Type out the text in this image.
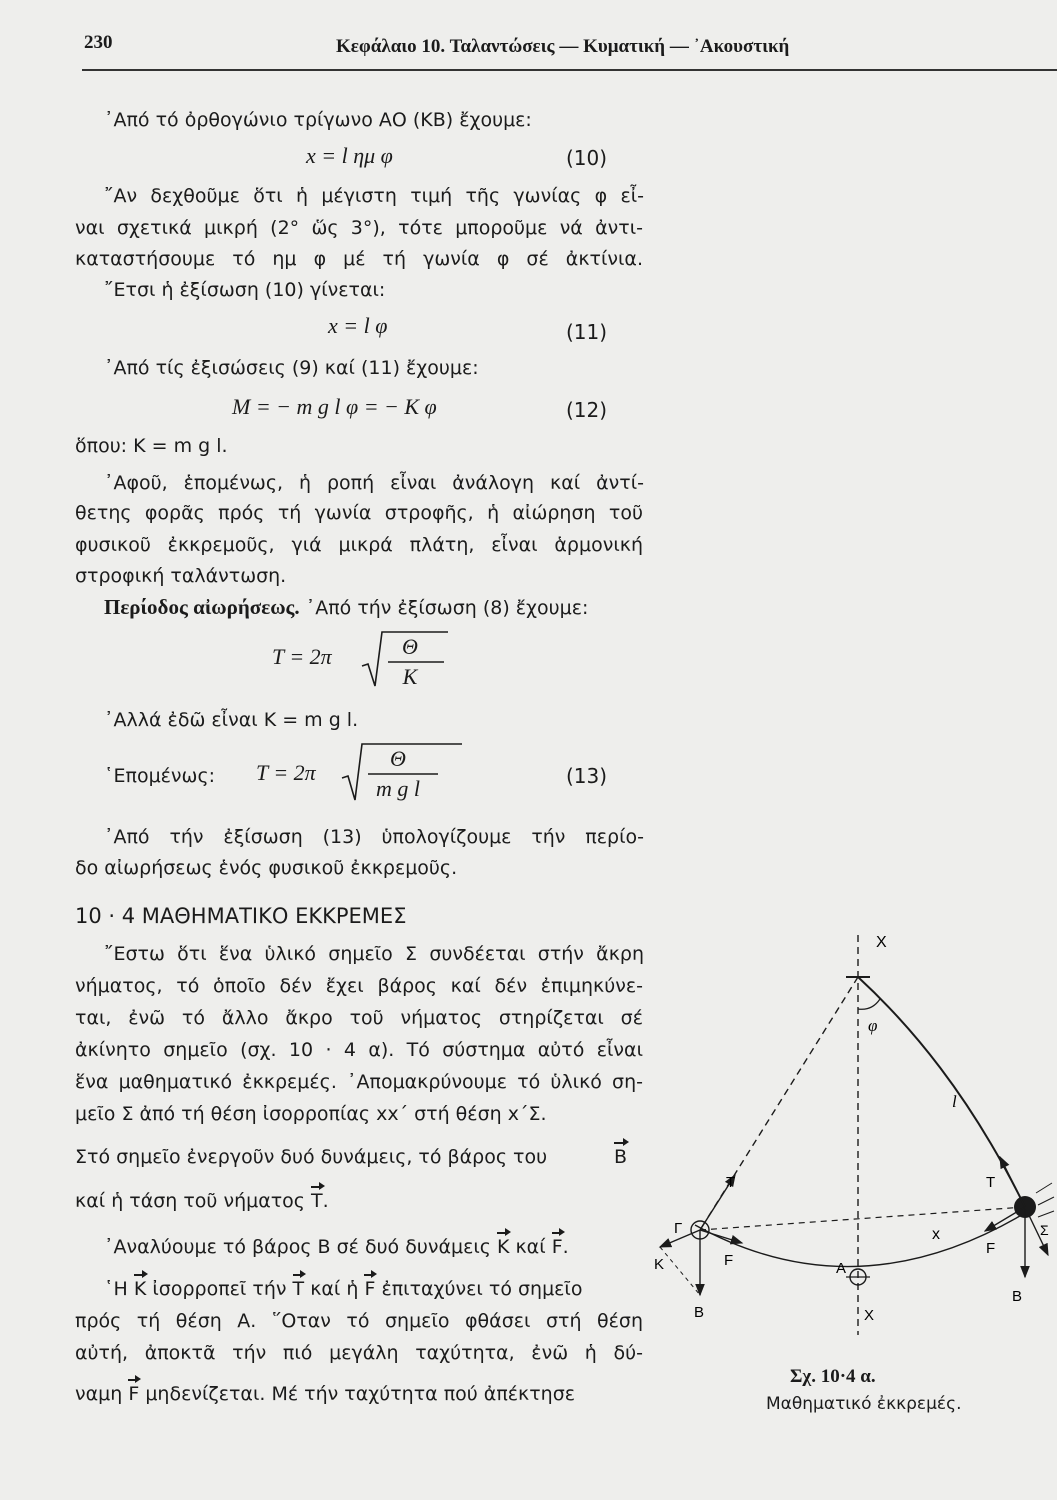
230	Κεφάλαιο 10. Ταλαντώσεις — Κυματική — ᾽Ακουστική
᾽Από τό ὀρθογώνιο τρίγωνο ΑΟ (ΚΒ) ἔχουμε:
x = l ημ φ	(10)
῎Αν δεχθοῦμε ὅτι ἡ μέγιστη τιμή τῆς γωνίας φ εἶ-
ναι σχετικά μικρή (2° ὥς 3°), τότε μποροῦμε νά ἀντι-
καταστήσουμε τό ημ φ μέ τή γωνία φ σέ ἀκτίνια.
῎Ετσι ἡ ἐξίσωση (10) γίνεται:
x = l φ	(11)
᾽Από τίς ἐξισώσεις (9) καί (11) ἔχουμε:
M = − m g l φ = − K φ	(12)
ὅπου: K = m g l.
᾽Αφοῦ, ἑπομένως, ἡ ροπή εἶναι ἀνάλογη καί ἀντί-
θετης φορᾶς πρός τή γωνία στροφῆς, ἡ αἰώρηση τοῦ
φυσικοῦ ἐκκρεμοῦς, γιά μικρά πλάτη, εἶναι ἁρμονική
στροφική ταλάντωση.
Περίοδος αἰωρήσεως. ᾽Από τήν ἐξίσωση (8) ἔχουμε:
T = 2π	Θ
K
᾽Αλλά ἐδῶ εἶναι K = m g l.
῾Επομένως:	T = 2π
Θ
m g l	(13)
᾽Από τήν ἐξίσωση (13) ὑπολογίζουμε τήν περίο-
δο αἰωρήσεως ἑνός φυσικοῦ ἐκκρεμοῦς.
10 · 4 ΜΑΘΗΜΑΤΙΚΟ ΕΚΚΡΕΜΕΣ
῎Εστω ὅτι ἕνα ὑλικό σημεῖο Σ συνδέεται στήν ἄκρη
νήματος, τό ὁποῖο δέν ἔχει βάρος καί δέν ἐπιμηκύνε-
ται, ἐνῶ τό ἄλλο ἄκρο τοῦ νήματος στηρίζεται σέ
ἀκίνητο σημεῖο (σχ. 10 · 4 α). Τό σύστημα αὐτό εἶναι
ἕνα μαθηματικό ἐκκρεμές. ᾽Απομακρύνουμε τό ὑλικό ση-
μεῖο Σ ἀπό τή θέση ἰσορροπίας xx΄ στή θέση x΄Σ.
Στό σημεῖο ἐνεργοῦν δυό δυνάμεις, τό βάρος του	B
καί ἡ τάση τοῦ νήματος T.
᾽Αναλύουμε τό βάρος Β σέ δυό δυνάμεις K καί F.
῾Η K ἰσορροπεῖ τήν T καί ἡ F ἐπιταχύνει τό σημεῖο
πρός τή θέση Α. ῞Οταν τό σημεῖο φθάσει στή θέση
αὐτή, ἀποκτᾶ τήν πιό μεγάλη ταχύτητα, ἐνῶ ἡ δύ-
ναμη F μηδενίζεται. Μέ τήν ταχύτητα πού ἀπέκτησε
X
φ
l
T	T
x
A
X
Γ
K	F
F
Σ
B
B
Σχ. 10·4 α.
Μαθηματικό ἐκκρεμές.
